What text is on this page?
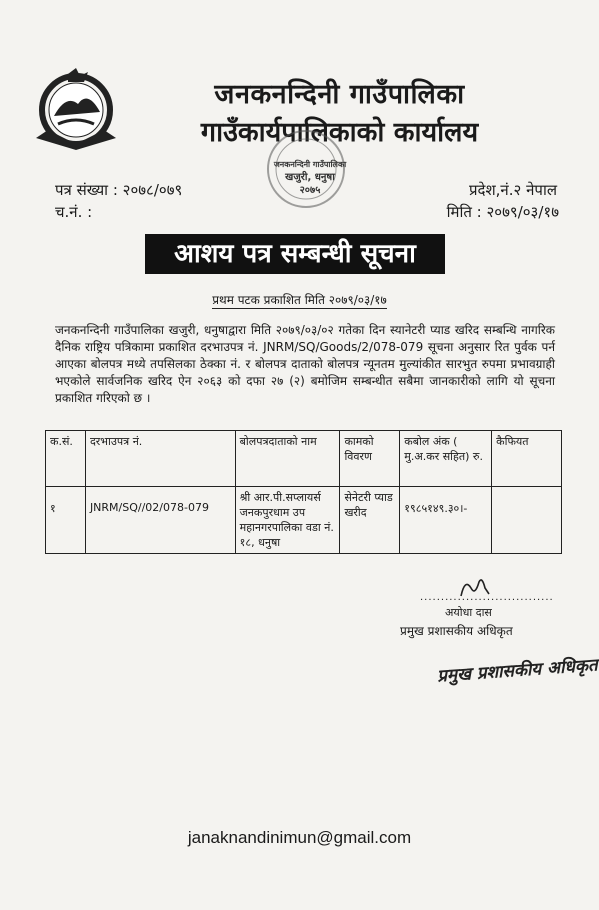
जनकनन्दिनी गाउँपालिका
गाउँकार्यपालिकाको कार्यालय
जनकनन्दिनी गाउँपालिका
खजुरी, धनुषा
२०७५
पत्र संख्या : २०७८/०७९
च.नं. :
प्रदेश,नं.२ नेपाल
मिति : २०७९/०३/१७
आशय पत्र सम्बन्धी सूचना
प्रथम पटक प्रकाशित मिति २०७९/०३/१७
जनकनन्दिनी गाउँपालिका खजुरी, धनुषाद्वारा मिति २०७९/०३/०२ गतेका दिन स्यानेटरी प्याड खरिद सम्बन्धि नागरिक दैनिक राष्ट्रिय पत्रिकामा प्रकाशित दरभाउपत्र नं. JNRM/SQ/Goods/2/078-079 सूचना अनुसार रित पुर्वक पर्न आएका बोलपत्र मध्ये तपसिलका ठेक्का नं. र बोलपत्र दाताको बोलपत्र न्यूनतम मुल्यांकीत सारभुत रुपमा प्रभावग्राही भएकोले सार्वजनिक खरिद ऐन २०६३ को दफा २७ (२) बमोजिम सम्बन्धीत सबैमा जानकारीको लागि यो सूचना प्रकाशित गरिएको छ ।
क.सं.	दरभाउपत्र नं.	बोलपत्रदाताको नाम	कामको विवरण	कबोल अंक ( मु.अ.कर सहित) रु.	कैफियत
१	JNRM/SQ//02/078-079	श्री आर.पी.सप्लायर्स जनकपुरधाम उप महानगरपालिका वडा नं. १८, धनुषा	सेनेटरी प्याड खरीद	१९८५१४९.३०।-	
................................
अयोधा दास
प्रमुख प्रशासकीय अधिकृत
प्रमुख प्रशासकीय अधिकृत
janaknandinimun@gmail.com
